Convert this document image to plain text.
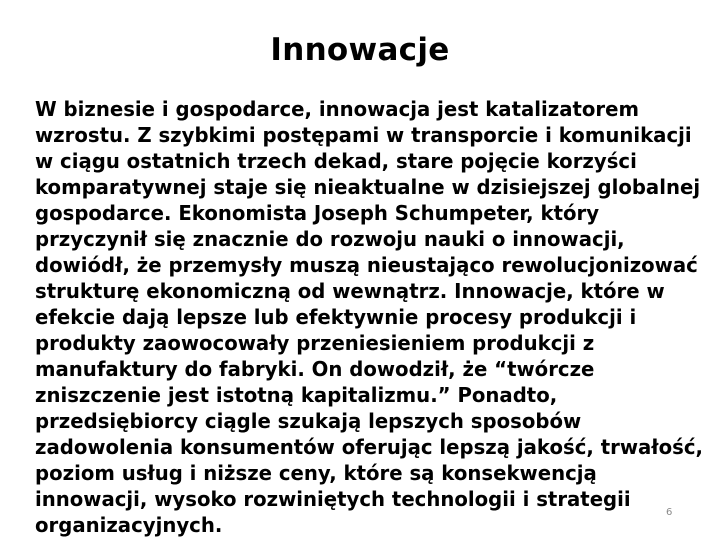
Innowacje

W biznesie i gospodarce, innowacja jest katalizatorem
wzrostu. Z szybkimi postępami w transporcie i komunikacji
w ciągu ostatnich trzech dekad, stare pojęcie korzyści
komparatywnej staje się nieaktualne w dzisiejszej globalnej
gospodarce. Ekonomista Joseph Schumpeter, który
przyczynił się znacznie do rozwoju nauki o innowacji,
dowiódł, że przemysły muszą nieustająco rewolucjonizować
strukturę ekonomiczną od wewnątrz. Innowacje, które w
efekcie dają lepsze lub efektywnie procesy produkcji i
produkty zaowocowały przeniesieniem produkcji z
manufaktury do fabryki. On dowodził, że “twórcze
zniszczenie jest istotną kapitalizmu.” Ponadto,
przedsiębiorcy ciągle szukają lepszych sposobów
zadowolenia konsumentów oferując lepszą jakość, trwałość,
poziom usług i niższe ceny, które są konsekwencją
innowacji, wysoko rozwiniętych technologii i strategii
organizacyjnych.

6
